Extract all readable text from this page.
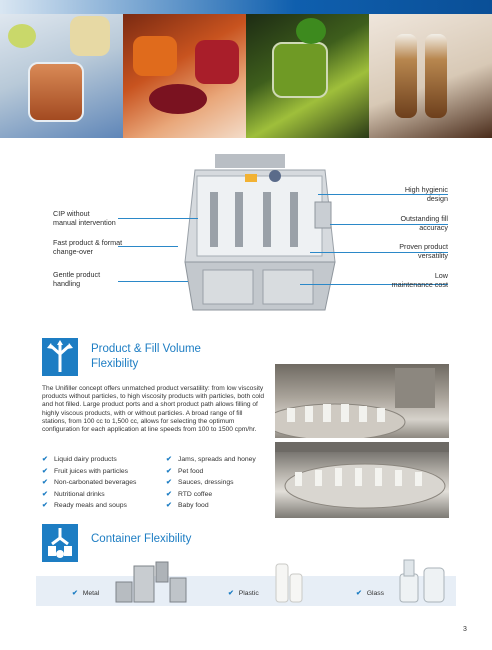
CIP without
manual intervention
Fast product & format
change-over
Gentle product
handling
High hygienic
design
Outstanding fill
accuracy
Proven product
versatility
Low
maintenance cost
Product & Fill Volume
Flexibility

The Unifiller concept offers unmatched product versatility: from low viscosity products without particles, to high viscosity products with particles, both cold and hot filled. Large product ports and a short product path allows filling of highly viscous products, with or without particles. A broad range of fill stations, from 100 cc to 1,500 cc, allows for selecting the optimum configuration for each application at line speeds from 100 to 1500 cpm/hr.

✔ Liquid dairy products
✔ Fruit juices with particles
✔ Non-carbonated beverages
✔ Nutritional drinks
✔ Ready meals and soups
✔ Jams, spreads and honey
✔ Pet food
✔ Sauces, dressings
✔ RTD coffee
✔ Baby food
Container Flexibility
✔ Metal	✔ Plastic	✔ Glass
3
